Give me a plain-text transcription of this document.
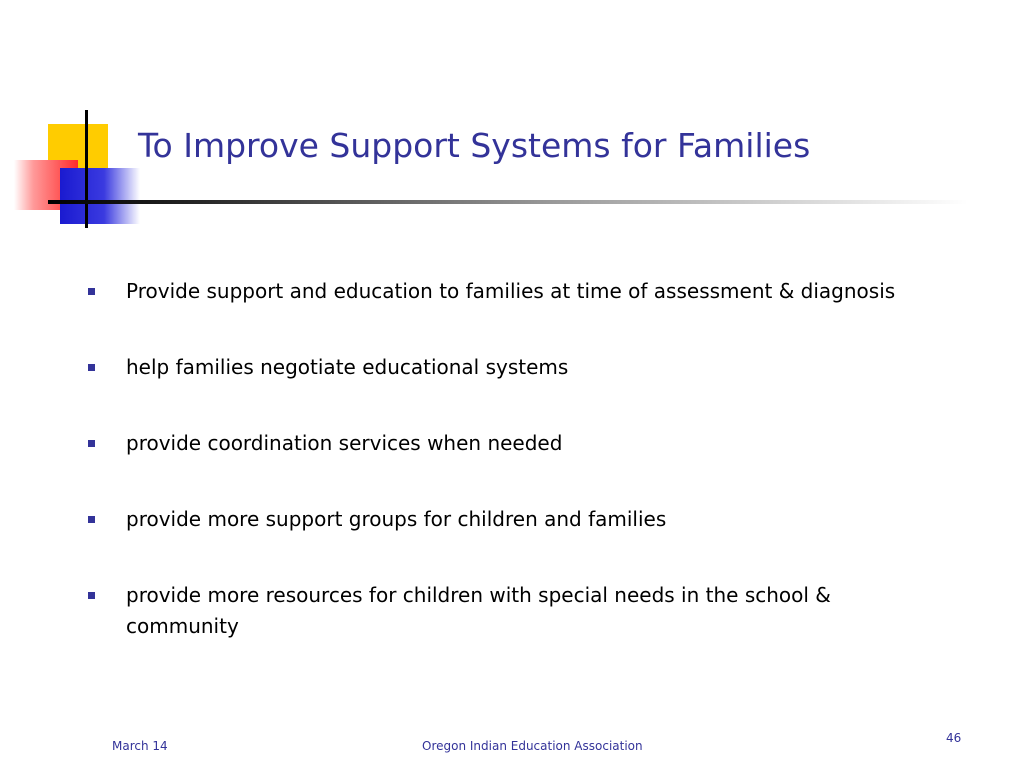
To Improve Support Systems for Families
Provide support and education to families at time of assessment & diagnosis
help families negotiate educational systems
provide coordination services when needed
provide more support groups for children and families
provide more resources for children with special needs in the school & community
March 14	Oregon Indian Education Association
46
